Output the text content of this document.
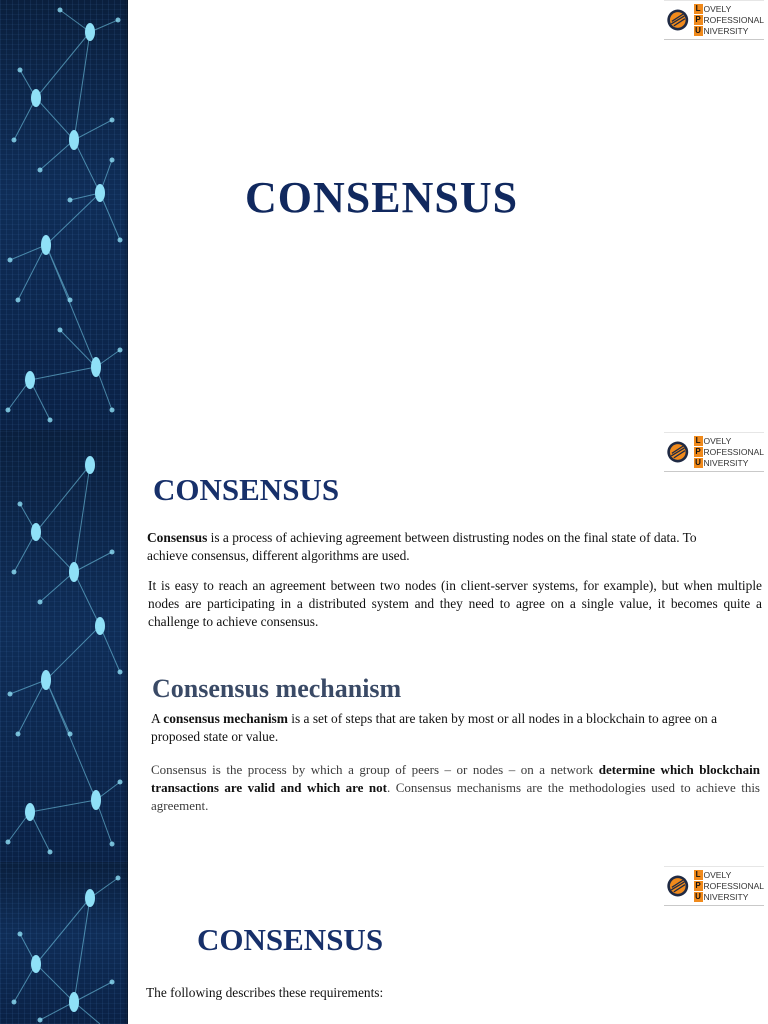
L OVELY
P ROFESSIONAL
U NIVERSITY
CONSENSUS
L OVELY
P ROFESSIONAL
U NIVERSITY
CONSENSUS

Consensus is a process of achieving agreement between distrusting nodes on the final state of data. To achieve consensus, different algorithms are used.

It is easy to reach an agreement between two nodes (in client-server systems, for example), but when multiple nodes are participating in a distributed system and they need to agree on a single value, it becomes quite a challenge to achieve consensus.

Consensus mechanism

A consensus mechanism is a set of steps that are taken by most or all nodes in a blockchain to agree on a proposed state or value.

Consensus is the process by which a group of peers – or nodes – on a network determine which blockchain transactions are valid and which are not. Consensus mechanisms are the methodologies used to achieve this agreement.

L OVELY
P ROFESSIONAL
U NIVERSITY
CONSENSUS

The following describes these requirements:
